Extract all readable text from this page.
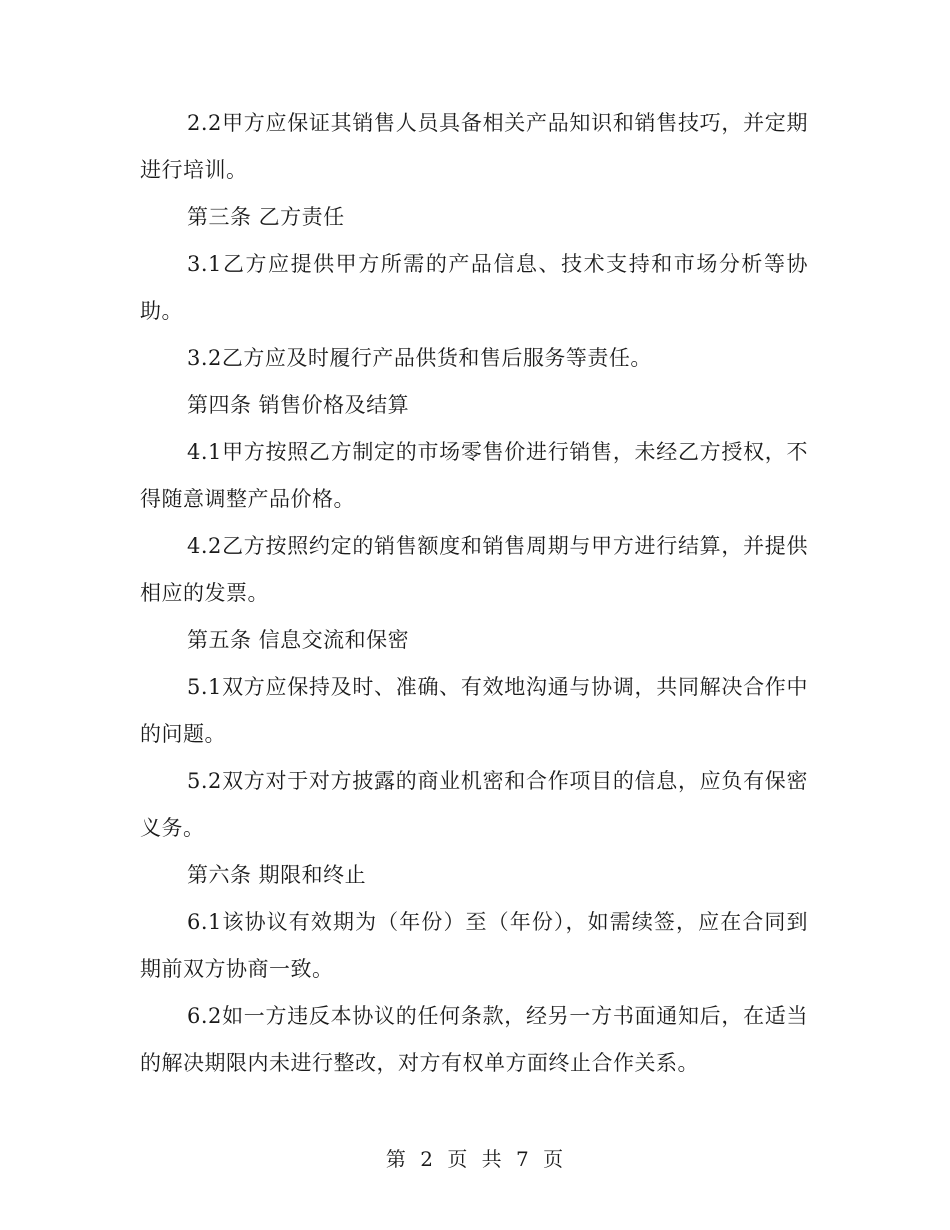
2.2甲方应保证其销售人员具备相关产品知识和销售技巧，并定期进行培训。

第三条 乙方责任

3.1乙方应提供甲方所需的产品信息、技术支持和市场分析等协助。

3.2乙方应及时履行产品供货和售后服务等责任。

第四条 销售价格及结算

4.1甲方按照乙方制定的市场零售价进行销售，未经乙方授权，不得随意调整产品价格。

4.2乙方按照约定的销售额度和销售周期与甲方进行结算，并提供相应的发票。

第五条 信息交流和保密

5.1双方应保持及时、准确、有效地沟通与协调，共同解决合作中的问题。

5.2双方对于对方披露的商业机密和合作项目的信息，应负有保密义务。

第六条 期限和终止

6.1该协议有效期为（年份）至（年份），如需续签，应在合同到期前双方协商一致。

6.2如一方违反本协议的任何条款，经另一方书面通知后，在适当的解决期限内未进行整改，对方有权单方面终止合作关系。

第 2 页 共 7 页
